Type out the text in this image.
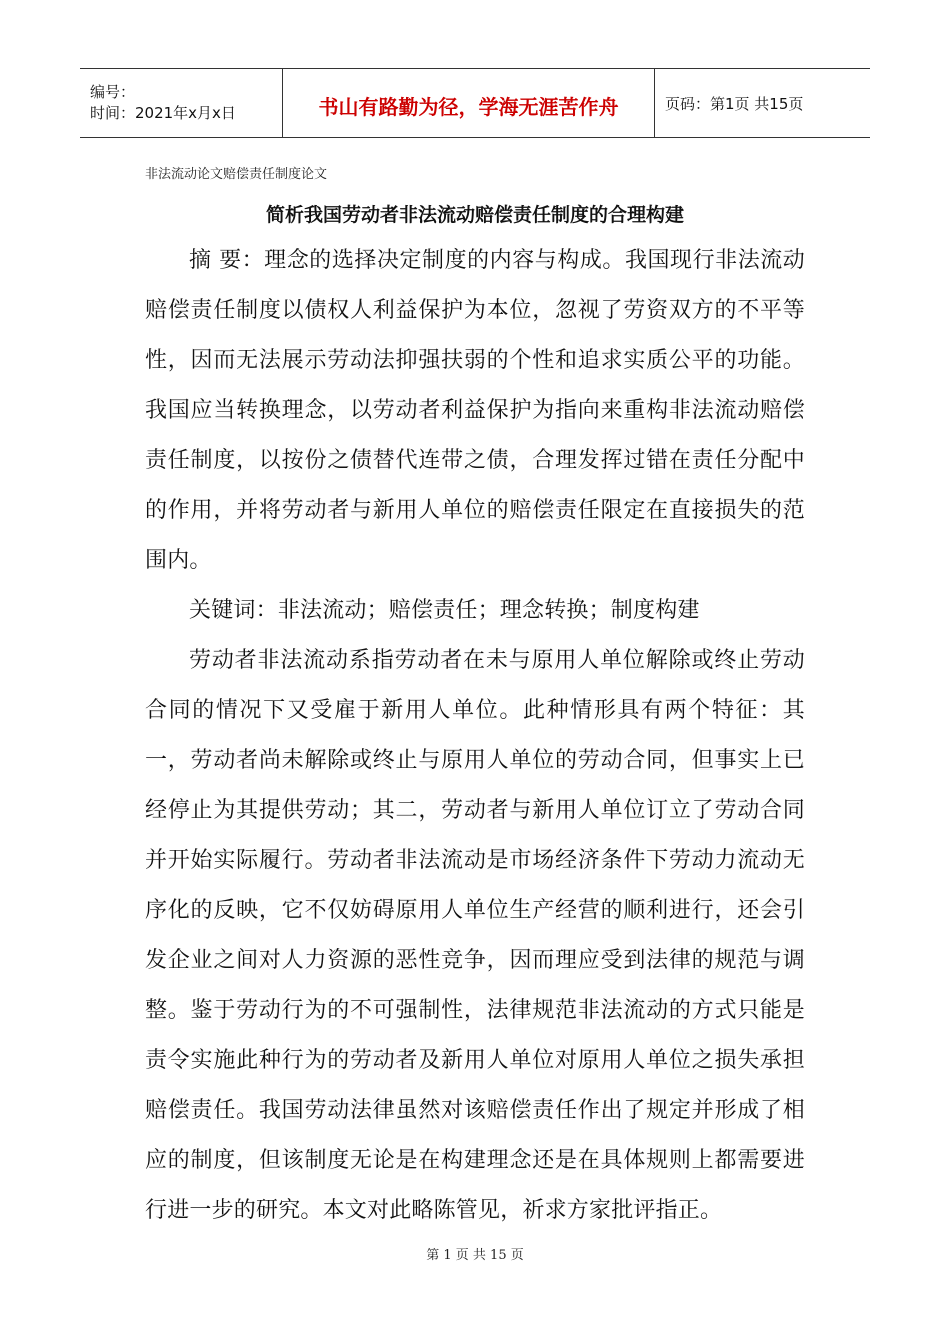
编号：
时间：2021年x月x日	书山有路勤为径，学海无涯苦作舟	页码：第1页 共15页
非法流动论文赔偿责任制度论文
简析我国劳动者非法流动赔偿责任制度的合理构建

摘 要：理念的选择决定制度的内容与构成。我国现行非法流动赔偿责任制度以债权人利益保护为本位，忽视了劳资双方的不平等性，因而无法展示劳动法抑强扶弱的个性和追求实质公平的功能。我国应当转换理念，以劳动者利益保护为指向来重构非法流动赔偿责任制度，以按份之债替代连带之债，合理发挥过错在责任分配中的作用，并将劳动者与新用人单位的赔偿责任限定在直接损失的范围内。

关键词：非法流动；赔偿责任；理念转换；制度构建

劳动者非法流动系指劳动者在未与原用人单位解除或终止劳动合同的情况下又受雇于新用人单位。此种情形具有两个特征：其一，劳动者尚未解除或终止与原用人单位的劳动合同，但事实上已经停止为其提供劳动；其二，劳动者与新用人单位订立了劳动合同并开始实际履行。劳动者非法流动是市场经济条件下劳动力流动无序化的反映，它不仅妨碍原用人单位生产经营的顺利进行，还会引发企业之间对人力资源的恶性竞争，因而理应受到法律的规范与调整。鉴于劳动行为的不可强制性，法律规范非法流动的方式只能是责令实施此种行为的劳动者及新用人单位对原用人单位之损失承担赔偿责任。我国劳动法律虽然对该赔偿责任作出了规定并形成了相应的制度，但该制度无论是在构建理念还是在具体规则上都需要进行进一步的研究。本文对此略陈管见，祈求方家批评指正。

第 1 页 共 15 页
